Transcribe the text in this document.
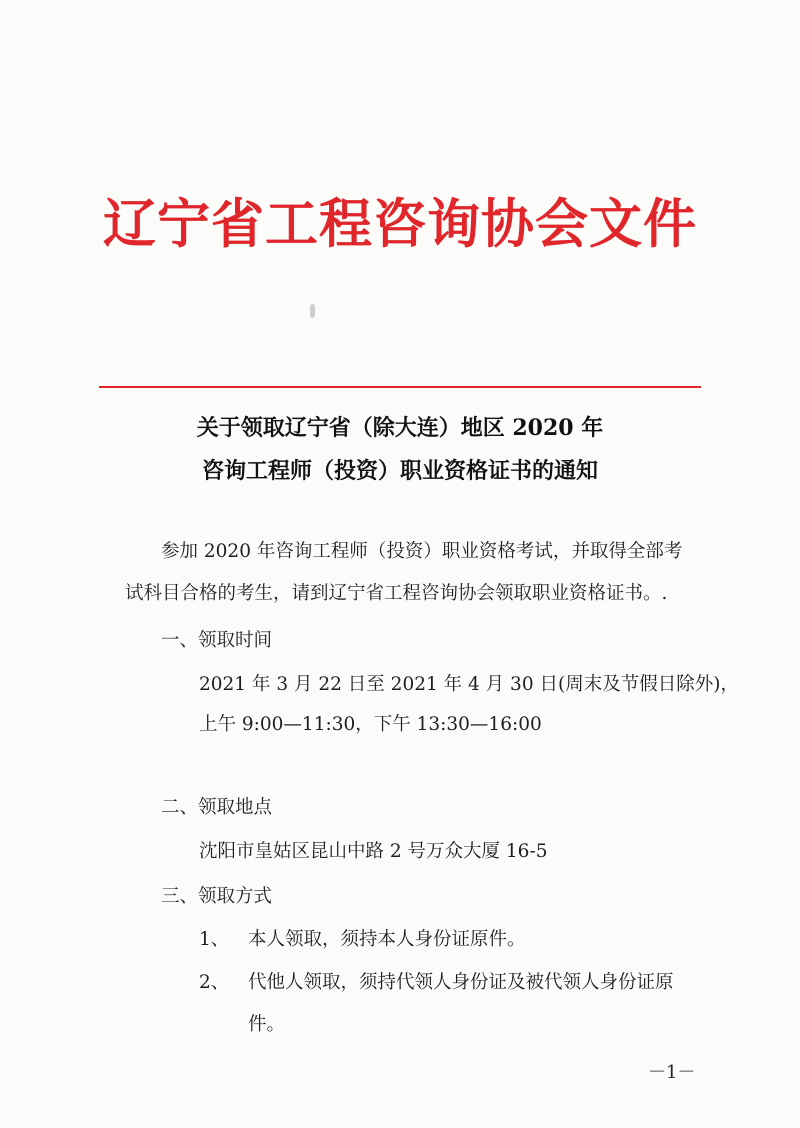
辽宁省工程咨询协会文件
关于领取辽宁省（除大连）地区 2020 年
咨询工程师（投资）职业资格证书的通知
参加 2020 年咨询工程师（投资）职业资格考试，并取得全部考
试科目合格的考生，请到辽宁省工程咨询协会领取职业资格证书。.
一、领取时间
2021 年 3 月 22 日至 2021 年 4 月 30 日(周末及节假日除外)，
上午 9:00—11:30，下午 13:30—16:00
二、领取地点
沈阳市皇姑区昆山中路 2 号万众大厦 16-5
三、领取方式
1、 本人领取，须持本人身份证原件。
2、 代他人领取，须持代领人身份证及被代领人身份证原
件。
－1－
